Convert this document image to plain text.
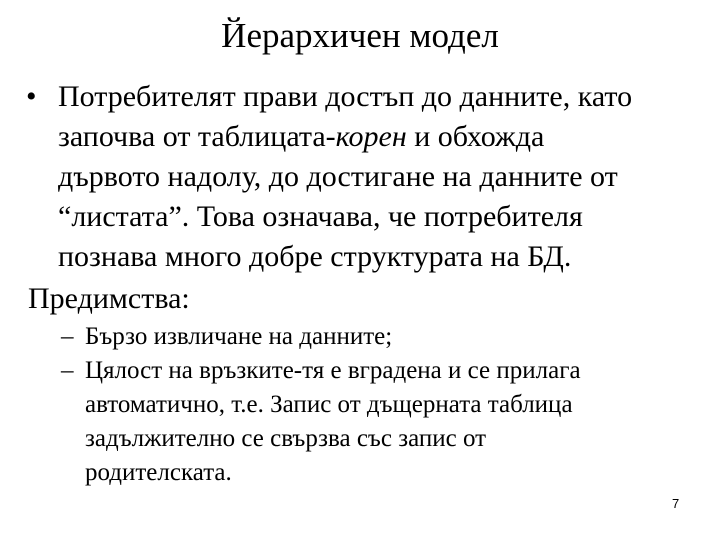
Йерархичен модел
• Потребителят прави достъп до данните, като
започва от таблицата-корен и обхожда
дървото надолу, до достигане на данните от
“листата”. Това означава, че потребителя
познава много добре структурата на БД.
Предимства:
– Бързо извличане на данните;
– Цялост на връзките-тя е вградена и се прилага
автоматично, т.е. Запис от дъщерната таблица
задължително се свързва със запис от
родителската.
7
